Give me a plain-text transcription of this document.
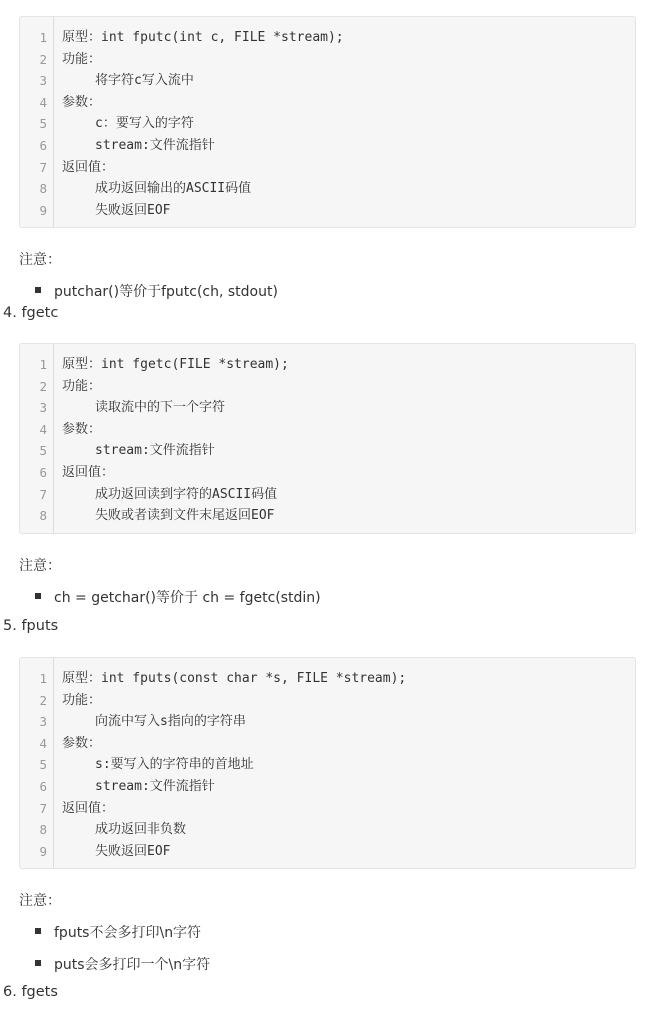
1 原型：int fputc(int c, FILE *stream);
2 功能：
3	将字符c写入流中
4 参数：
5	c：要写入的字符
6	stream:文件流指针
7 返回值：
8	成功返回输出的ASCII码值
9	失败返回EOF
注意：
putchar()等价于fputc(ch, stdout)
4. fgetc
1 原型：int fgetc(FILE *stream);
2 功能：
3	读取流中的下一个字符
4 参数：
5	stream:文件流指针
6 返回值：
7	成功返回读到字符的ASCII码值
8	失败或者读到文件末尾返回EOF
注意：
ch = getchar()等价于 ch = fgetc(stdin)
5. fputs
1 原型：int fputs(const char *s, FILE *stream);
2 功能：
3	向流中写入s指向的字符串
4 参数：
5	s:要写入的字符串的首地址
6	stream:文件流指针
7 返回值：
8	成功返回非负数
9	失败返回EOF
注意：
fputs不会多打印\n字符
puts会多打印一个\n字符
6. fgets
